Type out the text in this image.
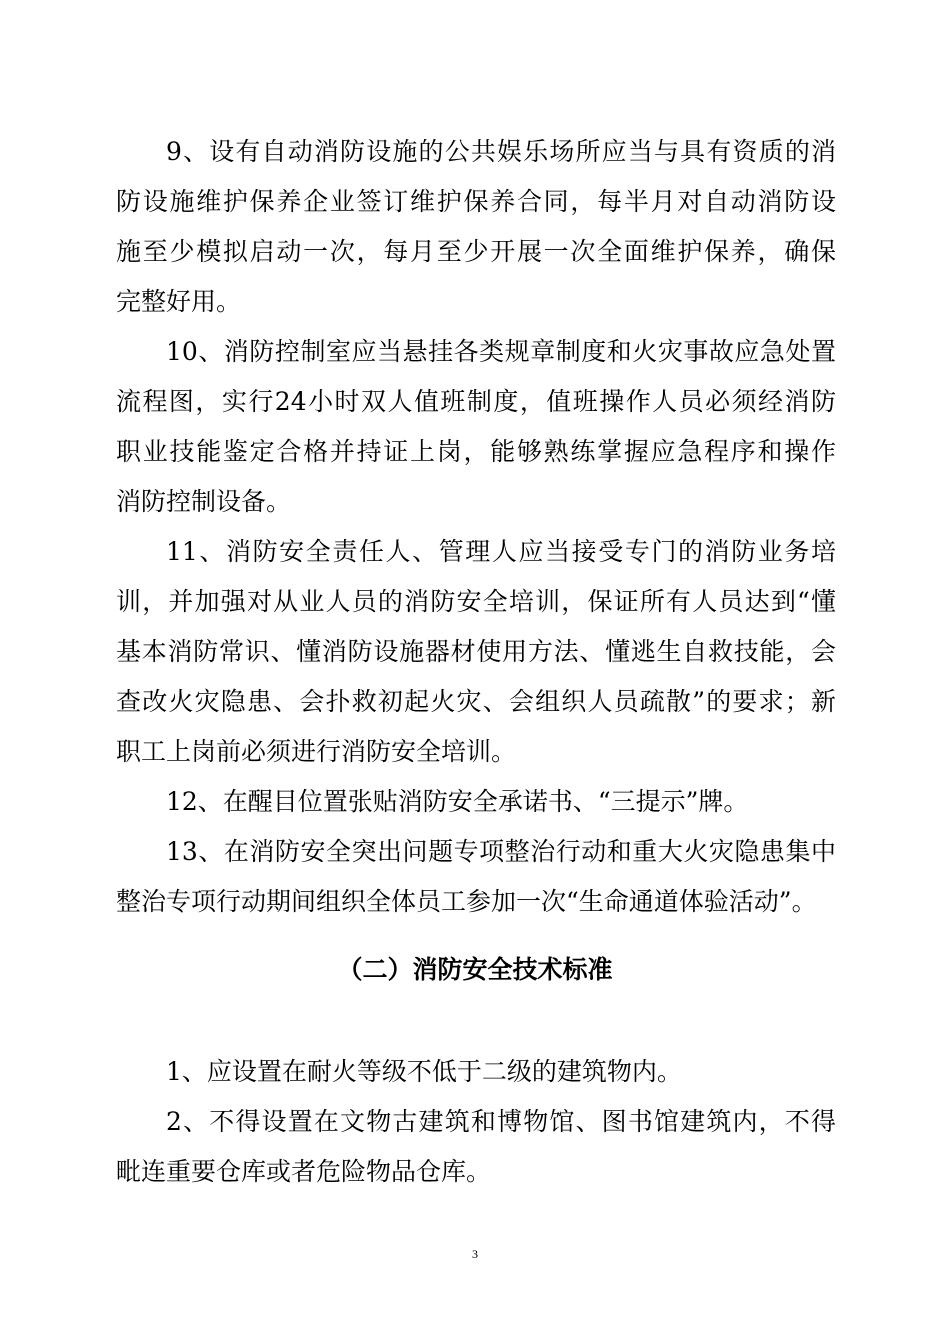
9、设有自动消防设施的公共娱乐场所应当与具有资质的消
防设施维护保养企业签订维护保养合同，每半月对自动消防设
施至少模拟启动一次，每月至少开展一次全面维护保养，确保
完整好用。
10、消防控制室应当悬挂各类规章制度和火灾事故应急处置
流程图，实行24小时双人值班制度，值班操作人员必须经消防
职业技能鉴定合格并持证上岗，能够熟练掌握应急程序和操作
消防控制设备。
11、消防安全责任人、管理人应当接受专门的消防业务培
训，并加强对从业人员的消防安全培训，保证所有人员达到“懂
基本消防常识、懂消防设施器材使用方法、懂逃生自救技能，会
查改火灾隐患、会扑救初起火灾、会组织人员疏散”的要求；新
职工上岗前必须进行消防安全培训。
12、在醒目位置张贴消防安全承诺书、“三提示”牌。
13、在消防安全突出问题专项整治行动和重大火灾隐患集中
整治专项行动期间组织全体员工参加一次“生命通道体验活动”。
（二）消防安全技术标准
1、应设置在耐火等级不低于二级的建筑物内。
2、不得设置在文物古建筑和博物馆、图书馆建筑内，不得
毗连重要仓库或者危险物品仓库。
3
